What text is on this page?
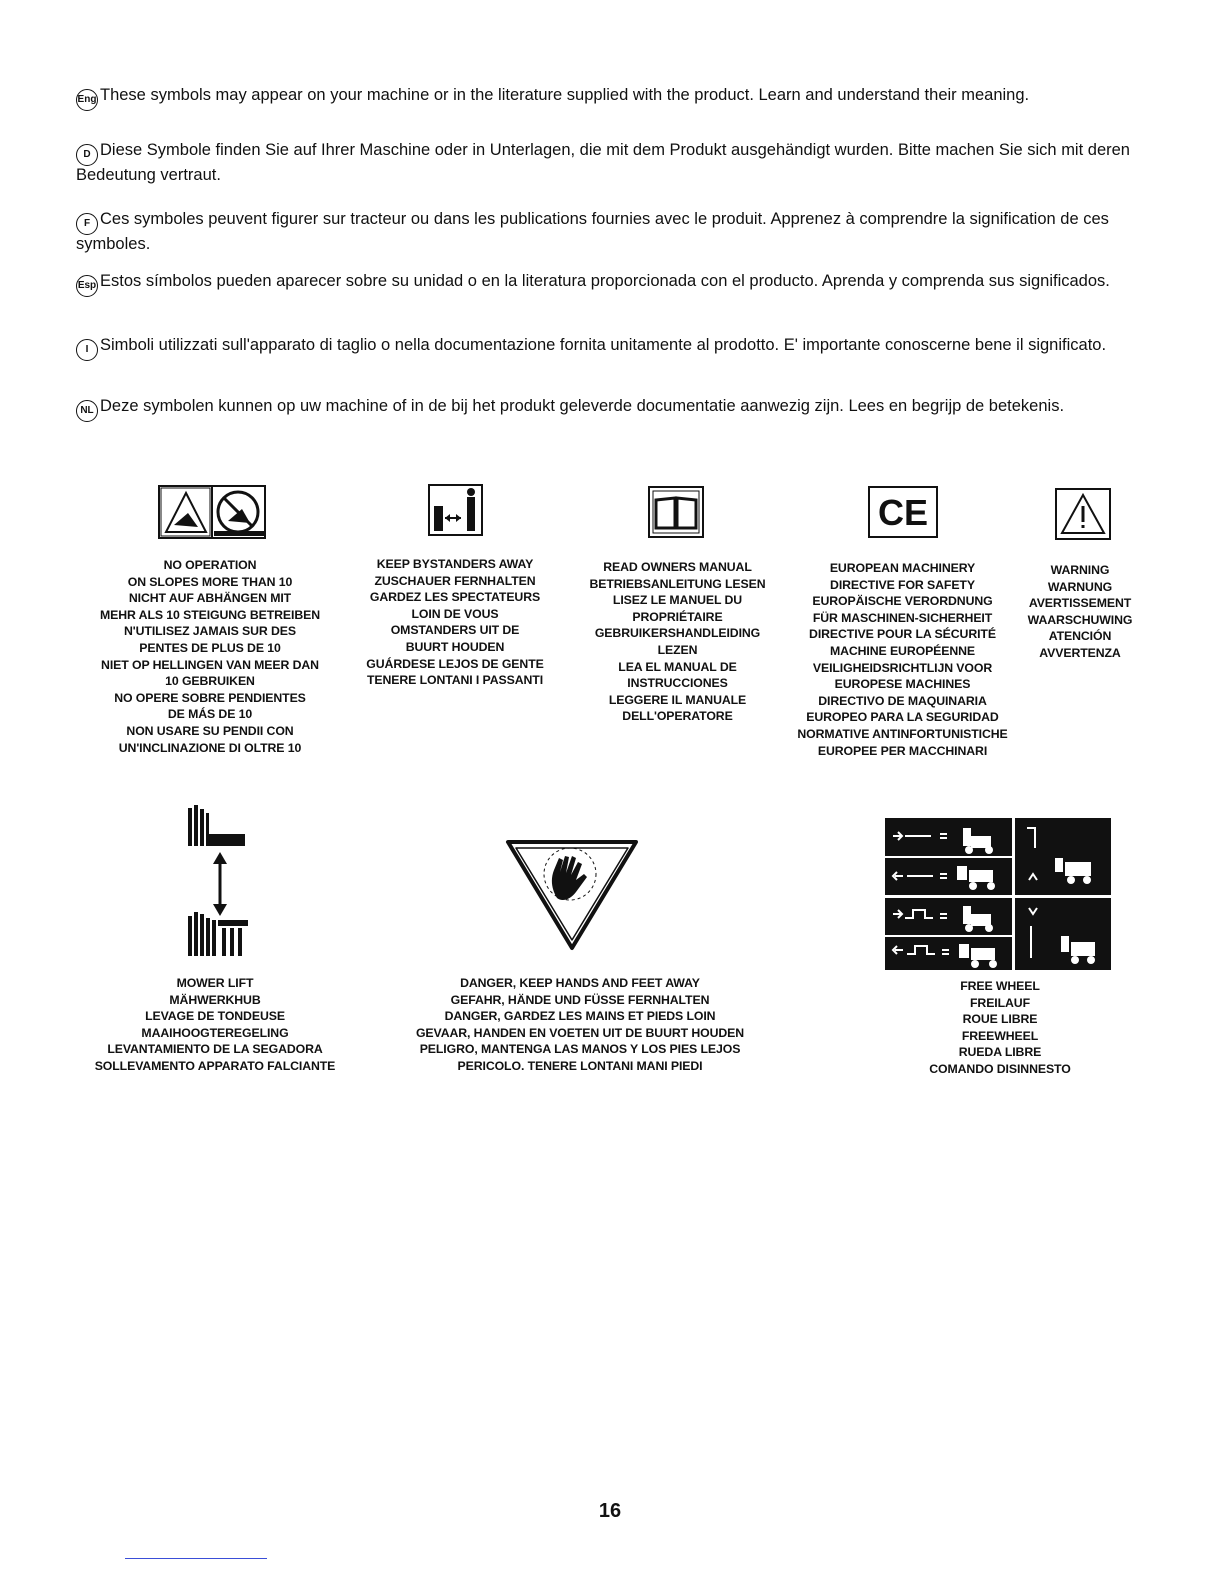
Eng These symbols may appear on your machine or in the literature supplied with the product. Learn and understand their meaning.
D Diese Symbole finden Sie auf Ihrer Maschine oder in Unterlagen, die mit dem Produkt ausgehändigt wurden. Bitte machen Sie sich mit deren Bedeutung vertraut.
F Ces symboles peuvent figurer sur tracteur ou dans les publications fournies avec le produit. Apprenez à comprendre la signification de ces symboles.
Esp Estos símbolos pueden aparecer sobre su unidad o en la literatura proporcionada con el producto. Aprenda y comprenda sus significados.
I Simboli utilizzati sull'apparato di taglio o nella documentazione fornita unitamente al prodotto. E' importante conoscerne bene il significato.
NL Deze symbolen kunnen op uw machine of in de bij het produkt geleverde documentatie aanwezig zijn. Lees en begrijp de betekenis.
CE
NO OPERATION
ON SLOPES MORE THAN 10
NICHT AUF ABHÄNGEN MIT
MEHR ALS 10 STEIGUNG BETREIBEN
N'UTILISEZ JAMAIS SUR DES
PENTES DE PLUS DE 10
NIET OP HELLINGEN VAN MEER DAN
10 GEBRUIKEN
NO OPERE SOBRE PENDIENTES
DE MÁS DE 10
NON USARE SU PENDII CON
UN'INCLINAZIONE DI OLTRE 10
KEEP BYSTANDERS AWAY
ZUSCHAUER FERNHALTEN
GARDEZ LES SPECTATEURS
LOIN DE VOUS
OMSTANDERS UIT DE
BUURT HOUDEN
GUÁRDESE LEJOS DE GENTE
TENERE LONTANI I PASSANTI
READ OWNERS MANUAL
BETRIEBSANLEITUNG LESEN
LISEZ LE MANUEL DU
PROPRIÉTAIRE
GEBRUIKERSHANDLEIDING
LEZEN
LEA EL MANUAL DE
INSTRUCCIONES
LEGGERE IL MANUALE
DELL'OPERATORE
EUROPEAN MACHINERY
DIRECTIVE FOR SAFETY
EUROPÄISCHE VERORDNUNG
FÜR MASCHINEN-SICHERHEIT
DIRECTIVE POUR LA SÉCURITÉ
MACHINE EUROPÉENNE
VEILIGHEIDSRICHTLIJN VOOR
EUROPESE MACHINES
DIRECTIVO DE MAQUINARIA
EUROPEO PARA LA SEGURIDAD
NORMATIVE ANTINFORTUNISTICHE
EUROPEE PER MACCHINARI
WARNING
WARNUNG
AVERTISSEMENT
WAARSCHUWING
ATENCIÓN
AVVERTENZA
MOWER LIFT
MÄHWERKHUB
LEVAGE DE TONDEUSE
MAAIHOOGTEREGELING
LEVANTAMIENTO DE LA SEGADORA
SOLLEVAMENTO APPARATO FALCIANTE
DANGER, KEEP HANDS AND FEET AWAY
GEFAHR, HÄNDE UND FÜSSE FERNHALTEN
DANGER, GARDEZ LES MAINS ET PIEDS LOIN
GEVAAR, HANDEN EN VOETEN UIT DE BUURT HOUDEN
PELIGRO, MANTENGA LAS MANOS Y LOS PIES LEJOS
PERICOLO. TENERE LONTANI MANI PIEDI
FREE WHEEL
FREILAUF
ROUE LIBRE
FREEWHEEL
RUEDA LIBRE
COMANDO DISINNESTO
16
